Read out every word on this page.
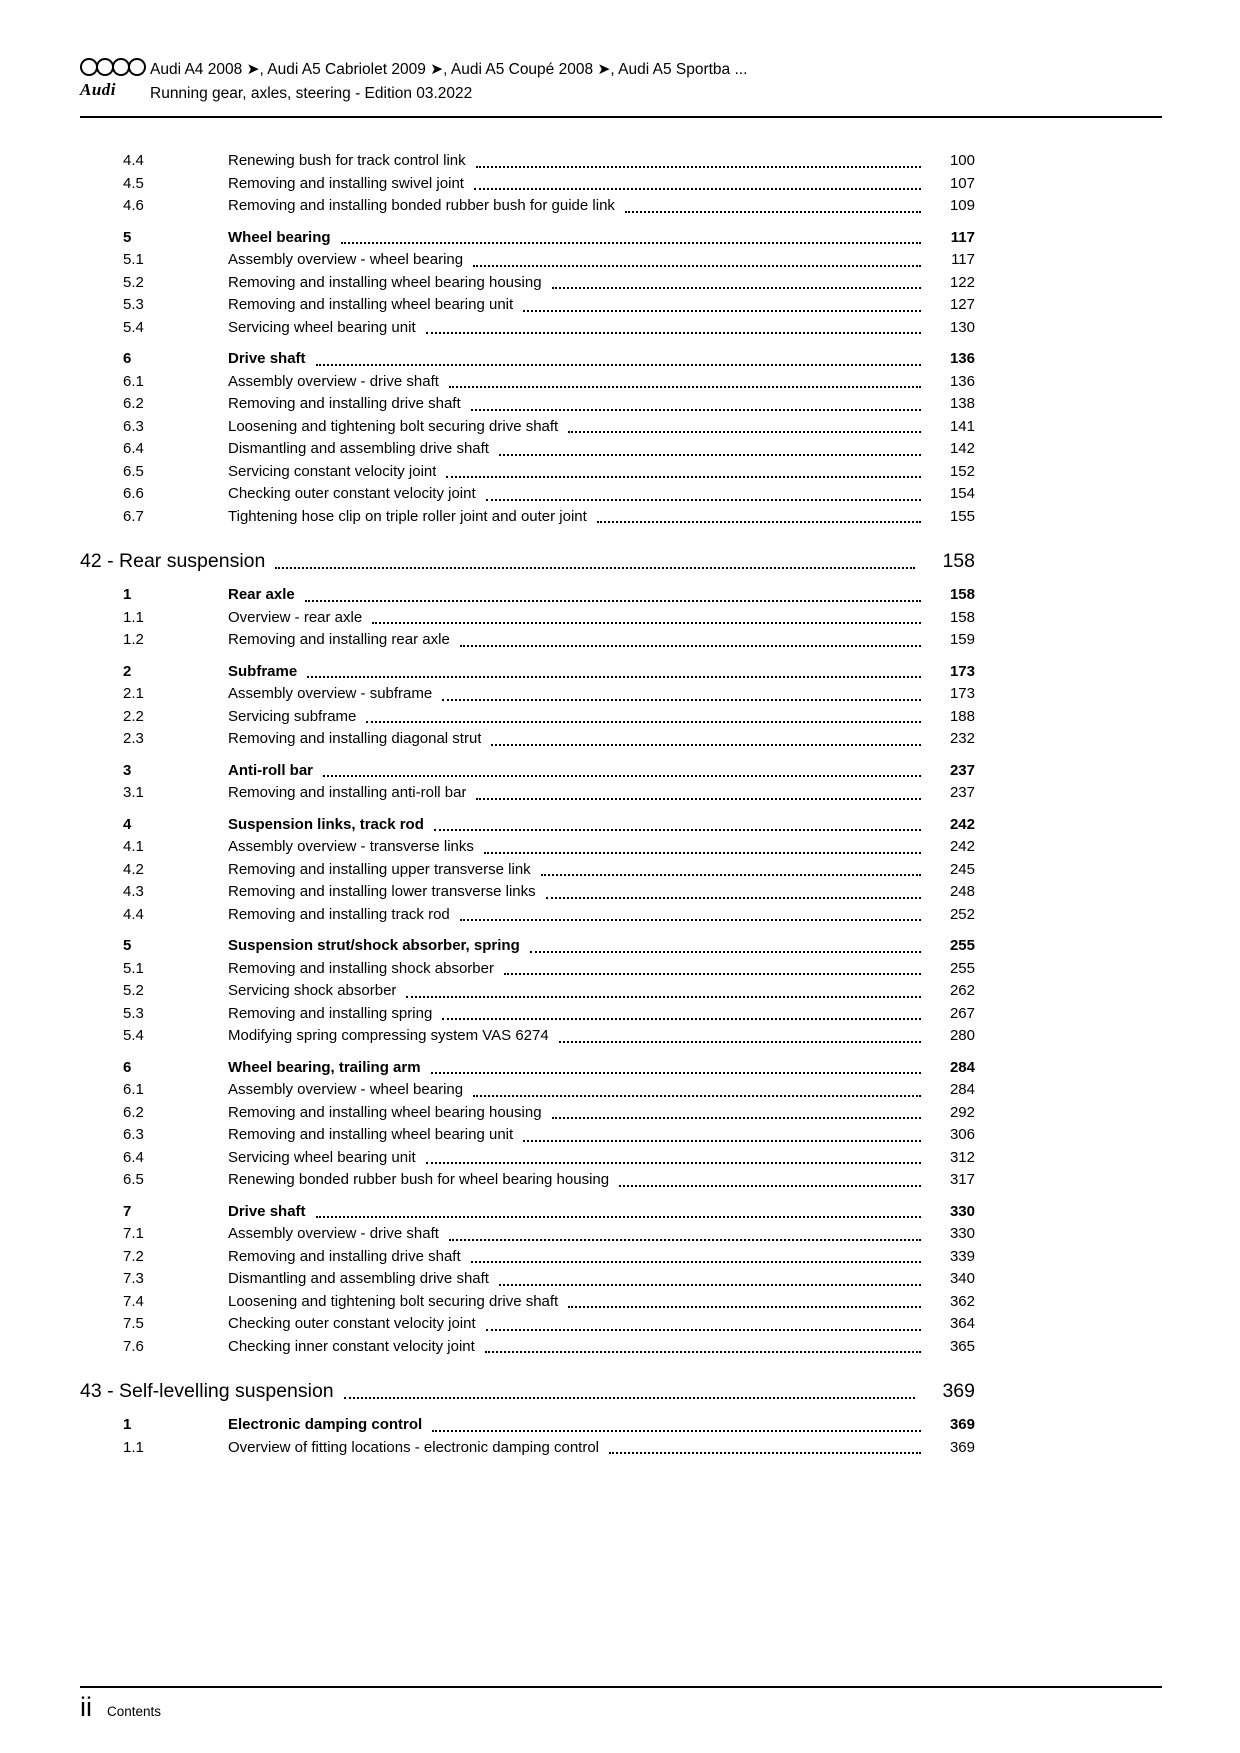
Audi
Audi A4 2008 ➤, Audi A5 Cabriolet 2009 ➤, Audi A5 Coupé 2008 ➤, Audi A5 Sportba ...
Running gear, axles, steering - Edition 03.2022
4.4	Renewing bush for track control link	100
4.5	Removing and installing swivel joint	107
4.6	Removing and installing bonded rubber bush for guide link	109
5	Wheel bearing	117
5.1	Assembly overview - wheel bearing	117
5.2	Removing and installing wheel bearing housing	122
5.3	Removing and installing wheel bearing unit	127
5.4	Servicing wheel bearing unit	130
6	Drive shaft	136
6.1	Assembly overview - drive shaft	136
6.2	Removing and installing drive shaft	138
6.3	Loosening and tightening bolt securing drive shaft	141
6.4	Dismantling and assembling drive shaft	142
6.5	Servicing constant velocity joint	152
6.6	Checking outer constant velocity joint	154
6.7	Tightening hose clip on triple roller joint and outer joint	155
42 - Rear suspension	158
1	Rear axle	158
1.1	Overview - rear axle	158
1.2	Removing and installing rear axle	159
2	Subframe	173
2.1	Assembly overview - subframe	173
2.2	Servicing subframe	188
2.3	Removing and installing diagonal strut	232
3	Anti-roll bar	237
3.1	Removing and installing anti-roll bar	237
4	Suspension links, track rod	242
4.1	Assembly overview - transverse links	242
4.2	Removing and installing upper transverse link	245
4.3	Removing and installing lower transverse links	248
4.4	Removing and installing track rod	252
5	Suspension strut/shock absorber, spring	255
5.1	Removing and installing shock absorber	255
5.2	Servicing shock absorber	262
5.3	Removing and installing spring	267
5.4	Modifying spring compressing system VAS 6274	280
6	Wheel bearing, trailing arm	284
6.1	Assembly overview - wheel bearing	284
6.2	Removing and installing wheel bearing housing	292
6.3	Removing and installing wheel bearing unit	306
6.4	Servicing wheel bearing unit	312
6.5	Renewing bonded rubber bush for wheel bearing housing	317
7	Drive shaft	330
7.1	Assembly overview - drive shaft	330
7.2	Removing and installing drive shaft	339
7.3	Dismantling and assembling drive shaft	340
7.4	Loosening and tightening bolt securing drive shaft	362
7.5	Checking outer constant velocity joint	364
7.6	Checking inner constant velocity joint	365
43 - Self-levelling suspension	369
1	Electronic damping control	369
1.1	Overview of fitting locations - electronic damping control	369
ii Contents
